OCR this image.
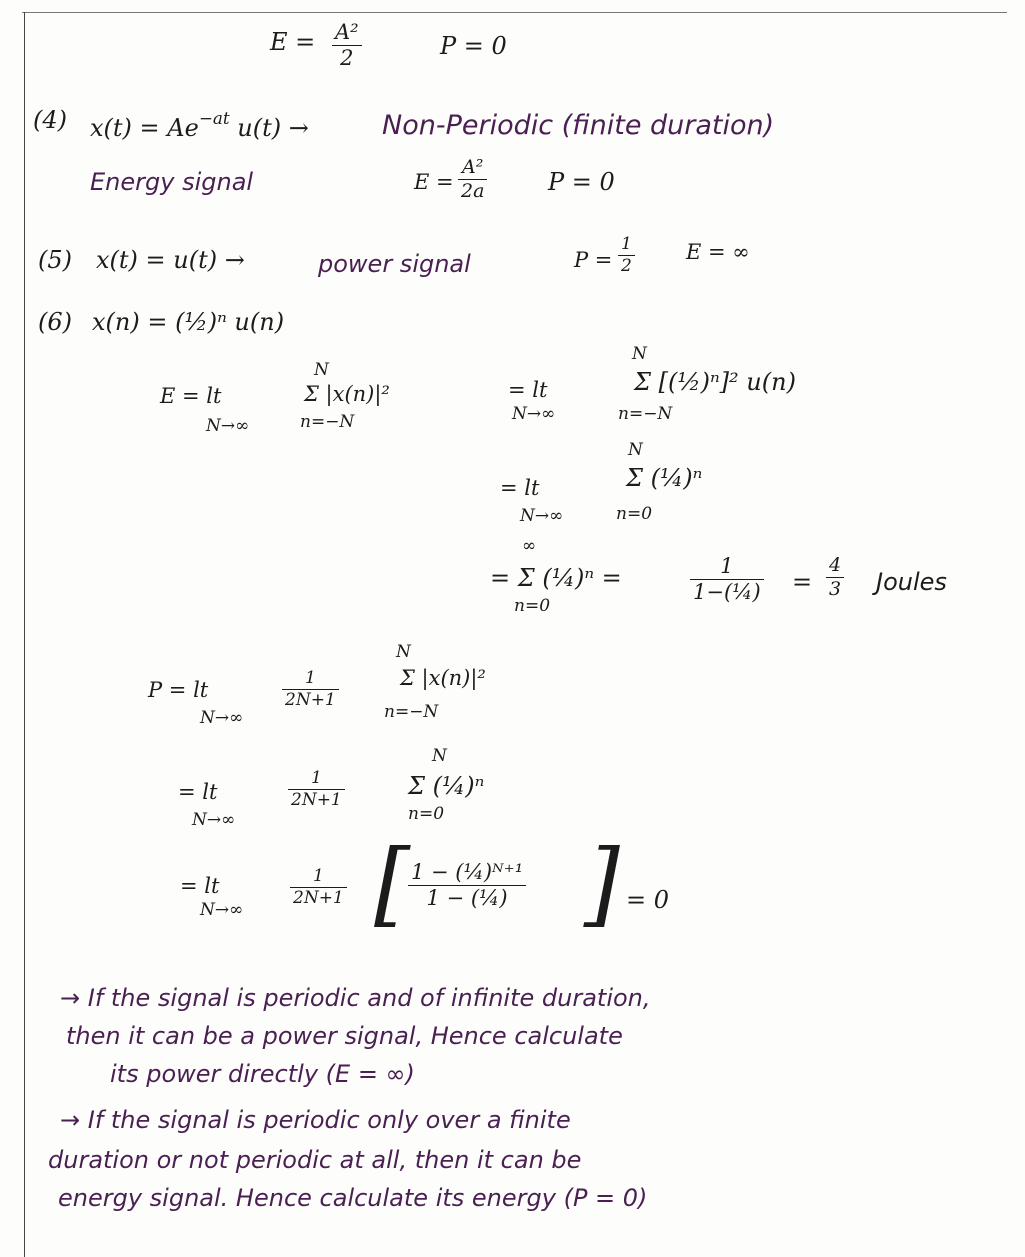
E = A²
2	P = 0
(4) $x(t) = Ae^{-at}$ u(t) →	Non-Periodic (finite duration)
Energy signal	E =
A²
2a	P = 0
(5) x(t) = u(t) →	power signal	P =
1
2
E = ∞
(6) x(n) = (½)ⁿ u(n)
E = lt
N→∞
N
Σ |x(n)|²
n=−N
= lt
N→∞
N
n=−N
Σ [(½)ⁿ]² u(n)
= lt
N→∞
N
n=0
Σ (¼)ⁿ
∞
n=0
= Σ (¼)ⁿ =	1
1−(¼) =
4
3 Joules
P = lt
N→∞
1
2N+1
N
n=−N
Σ |x(n)|²
= lt
N→∞
1
2N+1
N
n=0
Σ (¼)ⁿ
= lt
N→∞
1
2N+1 [ 1 − (¼)ᴺ⁺¹
1 − (¼) ] = 0
→ If the signal is periodic and of infinite duration,
then it can be a power signal, Hence calculate
its power directly (E = ∞)
→ If the signal is periodic only over a finite
duration or not periodic at all, then it can be
energy signal. Hence calculate its energy (P = 0)
